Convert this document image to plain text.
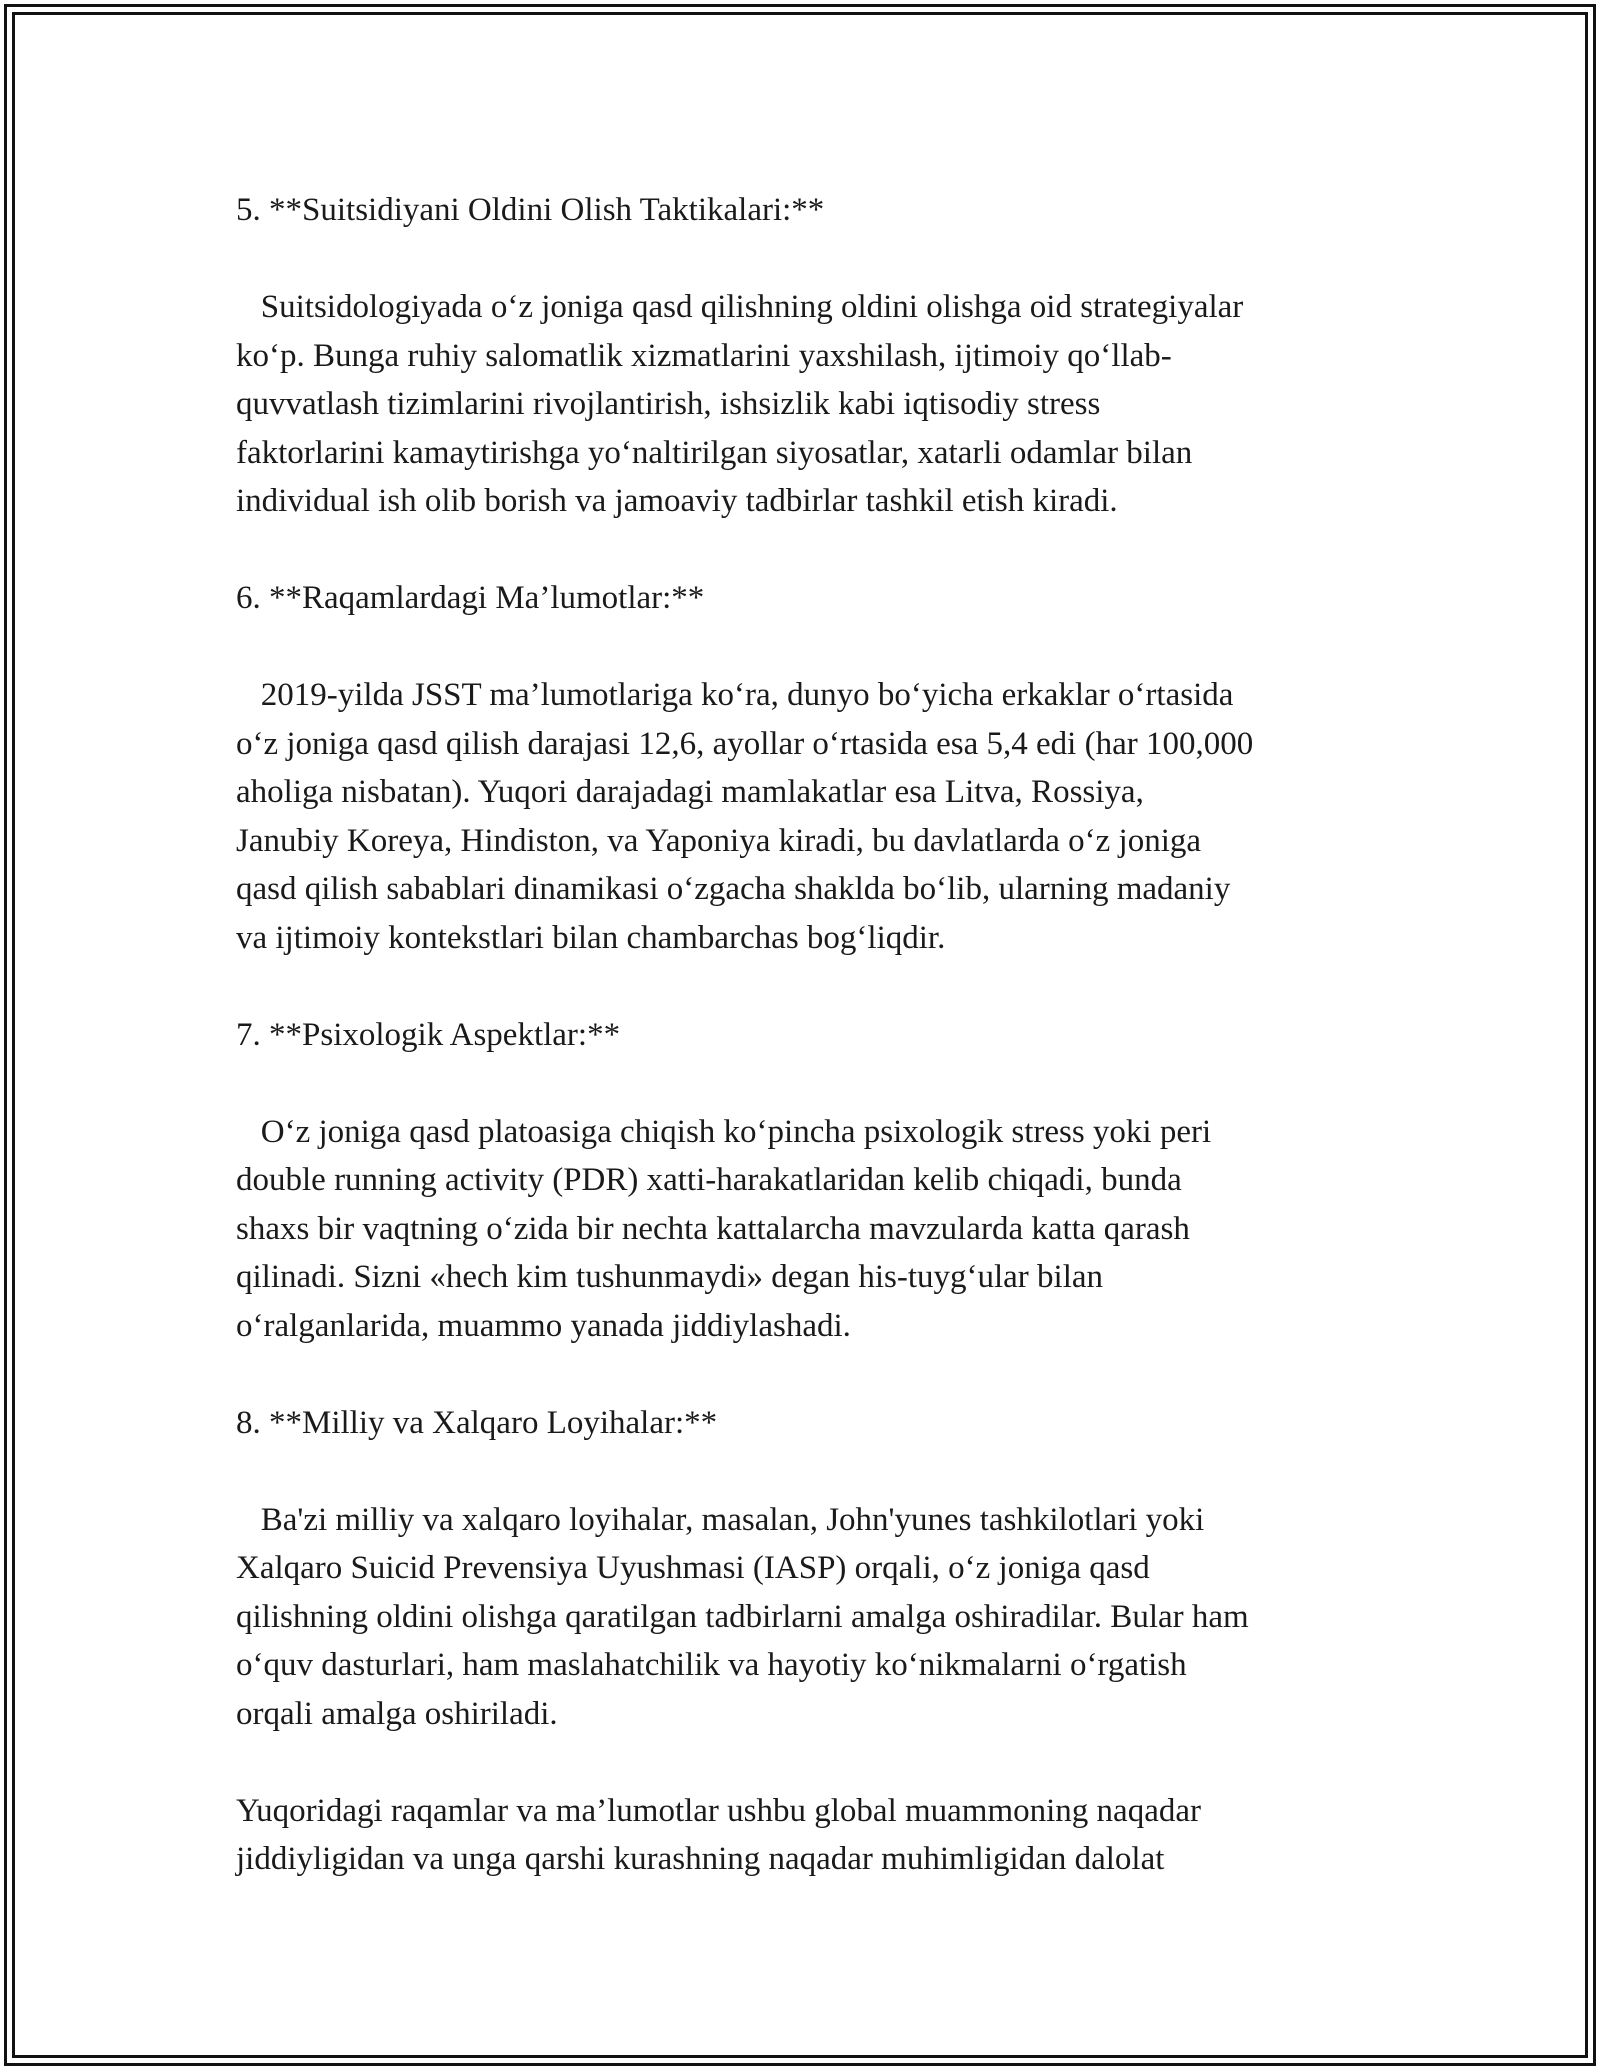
5. **Suitsidiyani Oldini Olish Taktikalari:**
Suitsidologiyada o‘z joniga qasd qilishning oldini olishga oid strategiyalar
ko‘p. Bunga ruhiy salomatlik xizmatlarini yaxshilash, ijtimoiy qo‘llab-
quvvatlash tizimlarini rivojlantirish, ishsizlik kabi iqtisodiy stress
faktorlarini kamaytirishga yo‘naltirilgan siyosatlar, xatarli odamlar bilan
individual ish olib borish va jamoaviy tadbirlar tashkil etish kiradi.
6. **Raqamlardagi Ma’lumotlar:**
2019-yilda JSST ma’lumotlariga ko‘ra, dunyo bo‘yicha erkaklar o‘rtasida
o‘z joniga qasd qilish darajasi 12,6, ayollar o‘rtasida esa 5,4 edi (har 100,000
aholiga nisbatan). Yuqori darajadagi mamlakatlar esa Litva, Rossiya,
Janubiy Koreya, Hindiston, va Yaponiya kiradi, bu davlatlarda o‘z joniga
qasd qilish sabablari dinamikasi o‘zgacha shaklda bo‘lib, ularning madaniy
va ijtimoiy kontekstlari bilan chambarchas bog‘liqdir.
7. **Psixologik Aspektlar:**
O‘z joniga qasd platoasiga chiqish ko‘pincha psixologik stress yoki peri
double running activity (PDR) xatti-harakatlaridan kelib chiqadi, bunda
shaxs bir vaqtning o‘zida bir nechta kattalarcha mavzularda katta qarash
qilinadi. Sizni «hech kim tushunmaydi» degan his-tuyg‘ular bilan
o‘ralganlarida, muammo yanada jiddiylashadi.
8. **Milliy va Xalqaro Loyihalar:**
Ba'zi milliy va xalqaro loyihalar, masalan, John'yunes tashkilotlari yoki
Xalqaro Suicid Prevensiya Uyushmasi (IASP) orqali, o‘z joniga qasd
qilishning oldini olishga qaratilgan tadbirlarni amalga oshiradilar. Bular ham
o‘quv dasturlari, ham maslahatchilik va hayotiy ko‘nikmalarni o‘rgatish
orqali amalga oshiriladi.
Yuqoridagi raqamlar va ma’lumotlar ushbu global muammoning naqadar
jiddiyligidan va unga qarshi kurashning naqadar muhimligidan dalolat
